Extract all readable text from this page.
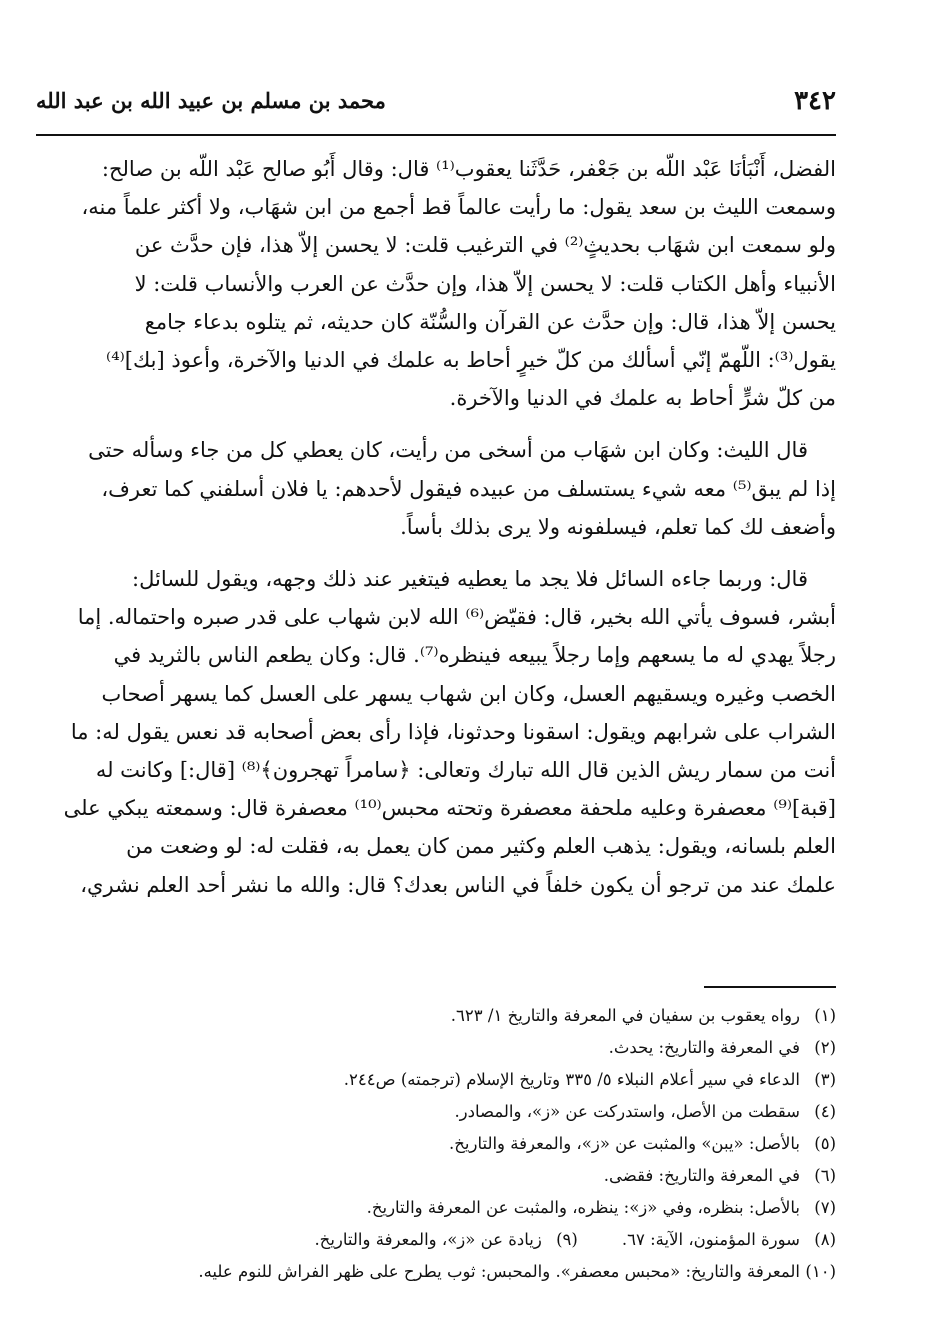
٣٤٢
محمد بن مسلم بن عبيد الله بن عبد الله
الفضل، أَنْبَأنَا عَبْد اللّه بن جَعْفر، حَدَّثَنا يعقوب⁽¹⁾ قال: وقال أَبُو صالح عَبْد اللّه بن صالح:
وسمعت الليث بن سعد يقول: ما رأيت عالماً قط أجمع من ابن شهَاب، ولا أكثر علماً منه،
ولو سمعت ابن شهَاب بحديثٍ⁽²⁾ في الترغيب قلت: لا يحسن إلاّ هذا، فإن حدَّث عن
الأنبياء وأهل الكتاب قلت: لا يحسن إلاّ هذا، وإن حدَّث عن العرب والأنساب قلت: لا
يحسن إلاّ هذا، قال: وإن حدَّث عن القرآن والسُّنّة كان حديثه، ثم يتلوه بدعاء جامع
يقول⁽³⁾: اللّهمّ إنّي أسألك من كلّ خيرٍ أحاط به علمك في الدنيا والآخرة، وأعوذ [بك]⁽⁴⁾
من كلّ شرٍّ أحاط به علمك في الدنيا والآخرة.
قال الليث: وكان ابن شهَاب من أسخى من رأيت، كان يعطي كل من جاء وسأله حتى
إذا لم يبق⁽⁵⁾ معه شيء يستسلف من عبيده فيقول لأحدهم: يا فلان أسلفني كما تعرف،
وأضعف لك كما تعلم، فيسلفونه ولا يرى بذلك بأساً.
قال: وربما جاءه السائل فلا يجد ما يعطيه فيتغير عند ذلك وجهه، ويقول للسائل:
أبشر، فسوف يأتي الله بخير، قال: فقيّض⁽⁶⁾ الله لابن شهاب على قدر صبره واحتماله. إما
رجلاً يهدي له ما يسعهم وإما رجلاً يبيعه فينظره⁽⁷⁾. قال: وكان يطعم الناس بالثريد في
الخصب وغيره ويسقيهم العسل، وكان ابن شهاب يسهر على العسل كما يسهر أصحاب
الشراب على شرابهم ويقول: اسقونا وحدثونا، فإذا رأى بعض أصحابه قد نعس يقول له: ما
أنت من سمار ريش الذين قال الله تبارك وتعالى: ﴿سامراً تهجرون﴾⁽⁸⁾ [قال:] وكانت له
[قبة]⁽⁹⁾ معصفرة وعليه ملحفة معصفرة وتحته محبس⁽¹⁰⁾ معصفرة قال: وسمعته يبكي على
العلم بلسانه، ويقول: يذهب العلم وكثير ممن كان يعمل به، فقلت له: لو وضعت من
علمك عند من ترجو أن يكون خلفاً في الناس بعدك؟ قال: والله ما نشر أحد العلم نشري،
(١)رواه يعقوب بن سفيان في المعرفة والتاريخ ١/ ٦٢٣.
(٢)في المعرفة والتاريخ: يحدث.
(٣)الدعاء في سير أعلام النبلاء ٥/ ٣٣٥ وتاريخ الإسلام (ترجمته) ص٢٤٤.
(٤)سقطت من الأصل، واستدركت عن «ز»، والمصادر.
(٥)بالأصل: «يبن» والمثبت عن «ز»، والمعرفة والتاريخ.
(٦)في المعرفة والتاريخ: فقضى.
(٧)بالأصل: بنظره، وفي «ز»: ينظره، والمثبت عن المعرفة والتاريخ.
(٨)سورة المؤمنون، الآية: ٦٧.
(٩)زيادة عن «ز»، والمعرفة والتاريخ.
(١٠)المعرفة والتاريخ: «محبس معصفر». والمحبس: ثوب يطرح على ظهر الفراش للنوم عليه.
